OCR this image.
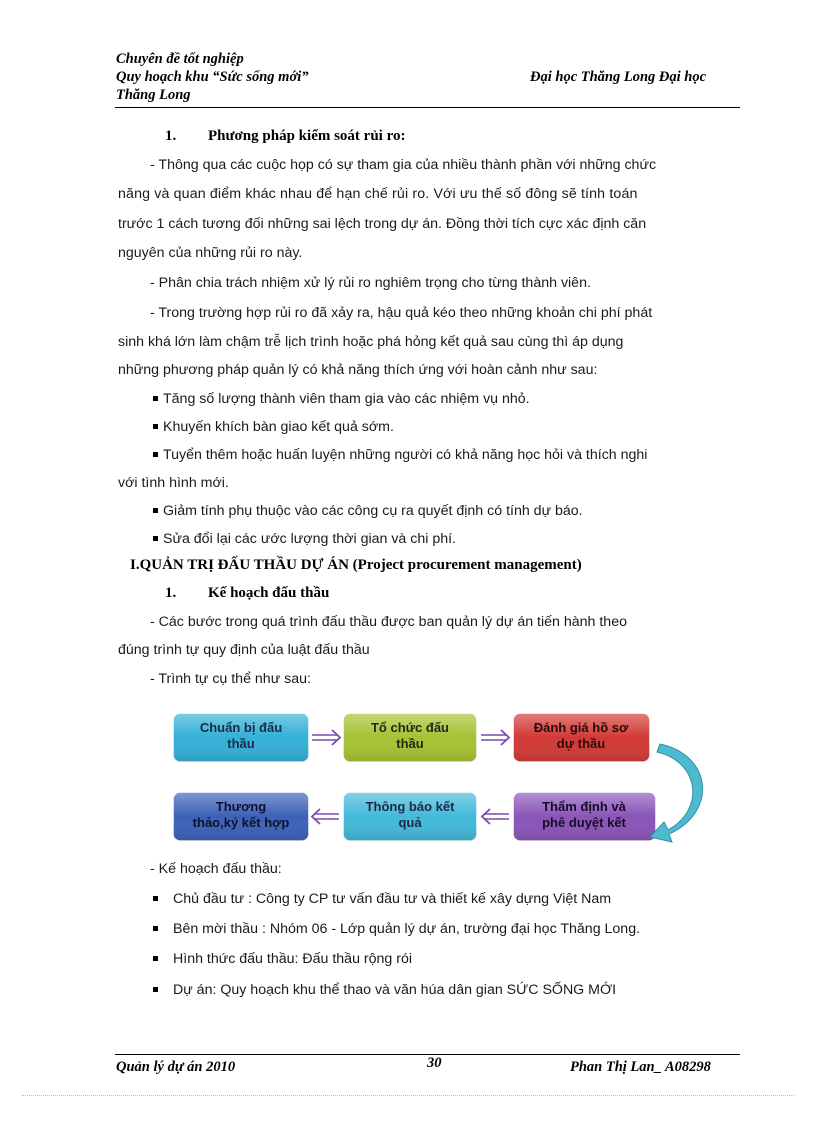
Chuyên đề tốt nghiệp
Quy hoạch khu “Sức sống mới”
Thăng Long
Đại học Thăng Long Đại học
1. Phương pháp kiểm soát rủi ro:
- Thông qua các cuộc họp có sự tham gia của nhiều thành phần với những chức
năng và quan điểm khác nhau để hạn chế rủi ro. Với ưu thế số đông sẽ tính toán
trước 1 cách tương đối những sai lệch trong dự án. Đồng thời tích cực xác định căn
nguyên của những rủi ro này.
- Phân chia trách nhiệm xử lý rủi ro nghiêm trọng cho từng thành viên.
- Trong trường hợp rủi ro đã xảy ra, hậu quả kéo theo những khoản chi phí phát
sinh khá lớn làm chậm trễ lịch trình hoặc phá hỏng kết quả sau cùng thì áp dụng
những phương pháp quản lý có khả năng thích ứng với hoàn cảnh như sau:
Tăng số lượng thành viên tham gia vào các nhiệm vụ nhỏ.
Khuyến khích bàn giao kết quả sớm.
Tuyển thêm hoặc huấn luyện những người có khả năng học hỏi và thích nghi
với tình hình mới.
Giảm tính phụ thuộc vào các công cụ ra quyết định có tính dự báo.
Sửa đổi lại các ước lượng thời gian và chi phí.
I.QUẢN TRỊ ĐẤU THẦU DỰ ÁN (Project procurement management)
1. Kế hoạch đấu thầu
- Các bước trong quá trình đấu thầu được ban quản lý dự án tiến hành theo
đúng trình tự quy định của luật đấu thầu
- Trình tự cụ thể như sau:
- Kế hoạch đấu thầu:
Chủ đầu tư : Công ty CP tư vấn đầu tư và thiết kế xây dựng Việt Nam
Bên mời thầu : Nhóm 06 - Lớp quản lý dự án, trường đại học Thăng Long.
Hình thức đấu thầu: Đấu thầu rộng rói
Dự án: Quy hoạch khu thể thao và văn húa dân gian SỨC SỐNG MỚI
Chuẩn bị đấu
thầu
Tổ chức đấu
thầu
Đánh giá hồ sơ
dự thầu
Thẩm định và
phê duyệt kết
Thông báo kết
quả
Thương
thảo,ký kết hợp
Quản lý dự án 2010	30	Phan Thị Lan_ A08298
